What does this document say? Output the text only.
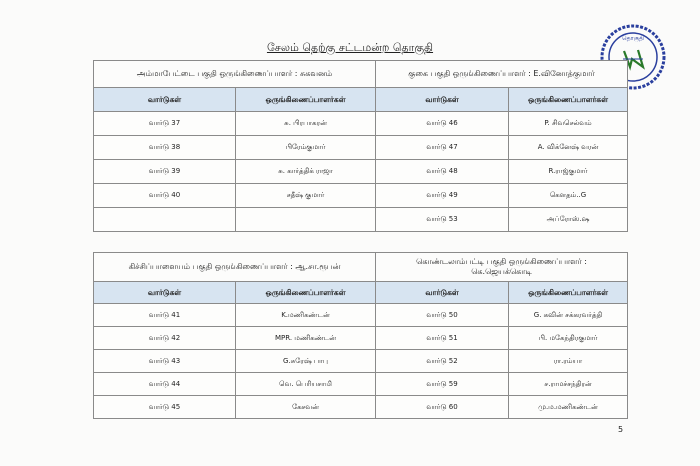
சேலம் தெற்கு சட்டமன்ற தொகுதி
தொகுதி
அம்மாபேட்டை பகுதி ஒருங்கிணைப்பாளர் : சுகவனம்		குகை பகுதி ஒருங்கிணைப்பாளர் : E.வினோத்குமார்	
வார்டுகள்	ஒருங்கிணைப்பாளர்கள்	வார்டுகள்	ஒருங்கிணைப்பாளர்கள்
வார்டு 37	சு. பிரபாகரன்	வார்டு 46	P. சிவசெல்வம்
வார்டு 38	பிரேம்குமார்	வார்டு 47	A. விக்னேஷ் வரன்
வார்டு 39	சு. கார்த்திக் ராஜா	வார்டு 48	R.ராஜ்குமார்
வார்டு 40	சதீஷ் குமார்	வார்டு 49	கௌதம்..G
		வார்டு 53	அப்ரோஸ்.ஷ
கிச்சிப்பாளையம் பகுதி ஒருங்கிணைப்பாளர் : ஆ.சா.ரூபன்		கொண்டலாம்பட்டி பகுதி ஒருங்கிணைப்பாளர் :
கெ.ஜெயக்கொடி	

வார்டுகள்	ஒருங்கிணைப்பாளர்கள்	வார்டுகள்	ஒருங்கிணைப்பாளர்கள்
வார்டு 41	K.மணிகண்டன்	வார்டு 50	G. கவின் சக்கரவர்த்தி
வார்டு 42	MPR. மணிகண்டன்	வார்டு 51	பி. மகேந்திரகுமார்
வார்டு 43	G.சுரேஷ் பாபு	வார்டு 52	ரா.ரம்யா
வார்டு 44	வெ. பெரியசாமி	வார்டு 59	ச.ராமச்சந்திரன்
வார்டு 45	கேசவன்	வார்டு 60	மு.ம.மணிகண்டன்
5
